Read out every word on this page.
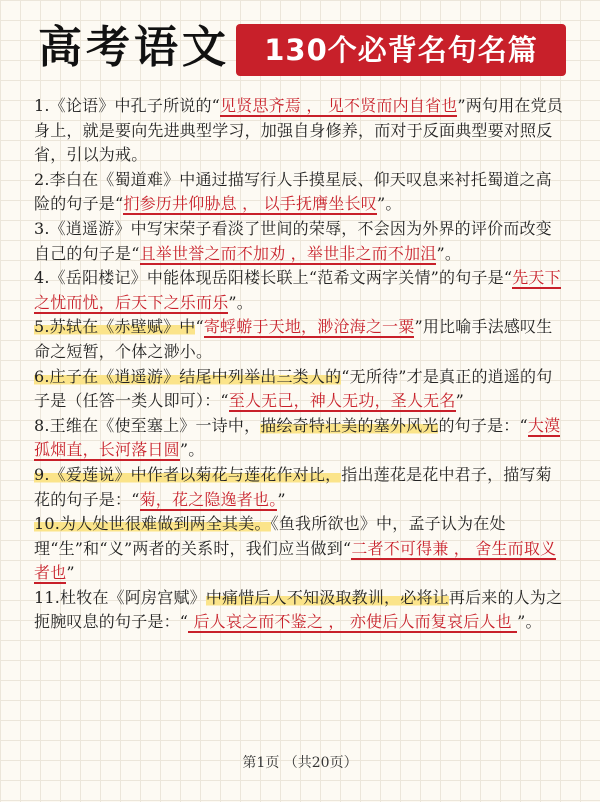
高考语文	130个必背名句名篇

1.《论语》中孔子所说的“见贤思齐焉 ， 见不贤而内自省也”两句用在党员身上，就是要向先进典型学习，加强自身修养，而对于反面典型要对照反省，引以为戒。

2.李白在《蜀道难》中通过描写行人手摸星辰、仰天叹息来衬托蜀道之高险的句子是“扪参历井仰胁息 ， 以手抚膺坐长叹”。

3.《逍遥游》中写宋荣子看淡了世间的荣辱，不会因为外界的评价而改变自己的句子是“且举世誉之而不加劝 ，举世非之而不加沮”。

4.《岳阳楼记》中能体现岳阳楼长联上“范希文两字关情”的句子是“先天下之忧而忧，后天下之乐而乐”。

5.苏轼在《赤壁赋》中“寄蜉蝣于天地，渺沧海之一粟”用比喻手法感叹生命之短暂，个体之渺小。

6.庄子在《逍遥游》结尾中列举出三类人的“无所待”才是真正的逍遥的句子是（任答一类人即可）：“至人无己，神人无功，圣人无名”

8.王维在《使至塞上》一诗中，描绘奇特壮美的塞外风光的句子是：“大漠孤烟直，长河落日圆”。

9.《爱莲说》中作者以菊花与莲花作对比，指出莲花是花中君子，描写菊花的句子是：“菊，花之隐逸者也。”

10.为人处世很难做到两全其美。《鱼我所欲也》中，孟子认为在处理“生”和“义”两者的关系时，我们应当做到“二者不可得兼 ， 舍生而取义者也”

11.杜牧在《阿房宫赋》中痛惜后人不知汲取教训，必将让再后来的人为之扼腕叹息的句子是：“ 后人哀之而不鉴之 ， 亦使后人而复哀后人也 ”。

第1页 （共20页）
